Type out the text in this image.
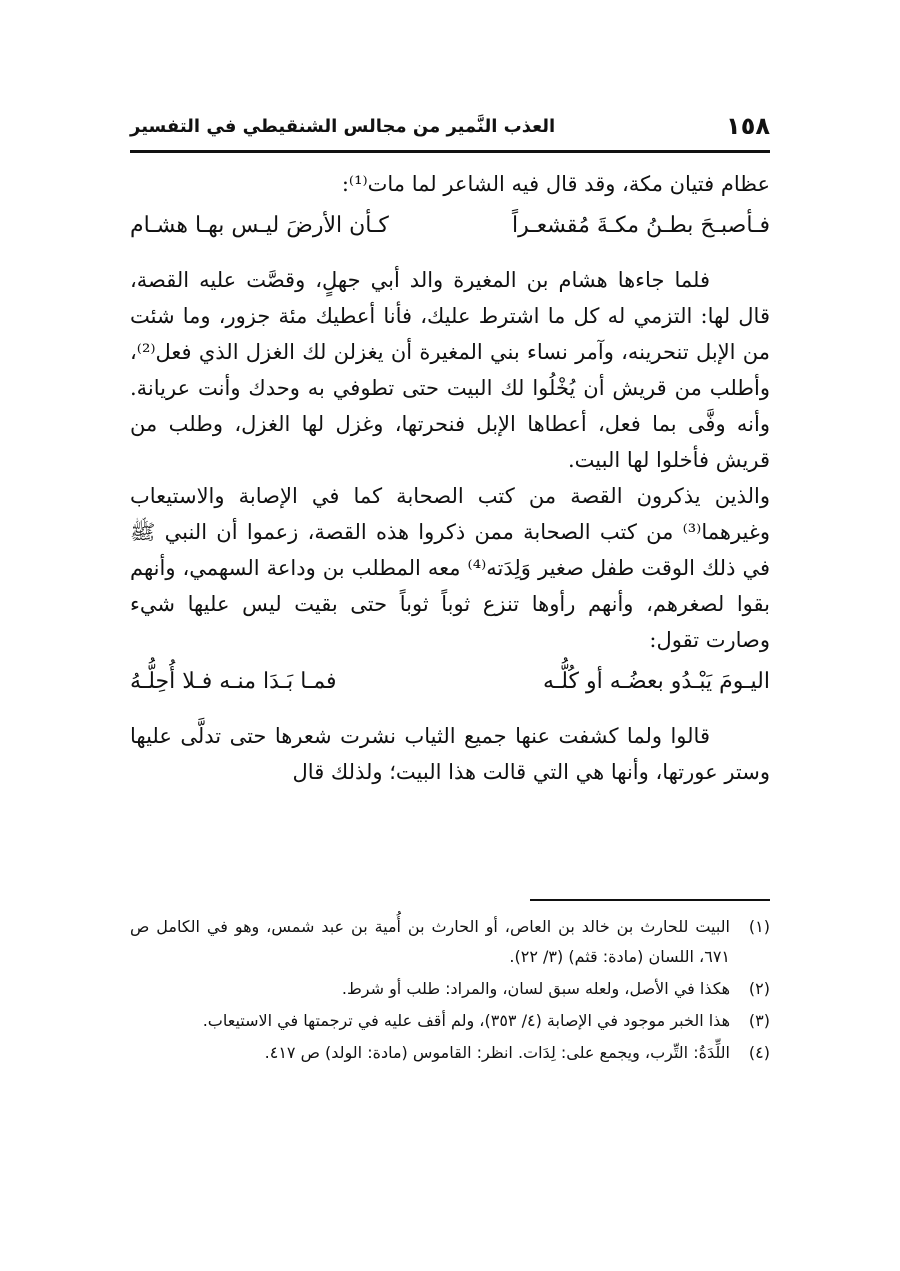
١٥٨
العذب النَّمير من مجالس الشنقيطي في التفسير

عظام فتيان مكة، وقد قال فيه الشاعر لما مات⁽¹⁾:

فـأصبـحَ بطـنُ مكـةَ مُقشعـراً
كـأن الأرضَ ليـس بهـا هشـام

فلما جاءها هشام بن المغيرة والد أبي جهلٍ، وقصَّت عليه القصة، قال لها: التزمي له كل ما اشترط عليك، فأنا أعطيك مئة جزور، وما شئت من الإبل تنحرينه، وآمر نساء بني المغيرة أن يغزلن لك الغزل الذي فعل⁽²⁾، وأطلب من قريش أن يُخْلُوا لك البيت حتى تطوفي به وحدك وأنت عريانة. وأنه وفَّى بما فعل، أعطاها الإبل فنحرتها، وغزل لها الغزل، وطلب من قريش فأخلوا لها البيت.

والذين يذكرون القصة من كتب الصحابة كما في الإصابة والاستيعاب وغيرهما⁽³⁾ من كتب الصحابة ممن ذكروا هذه القصة، زعموا أن النبي ﷺ في ذلك الوقت طفل صغير وَلِدَته⁽⁴⁾ معه المطلب بن وداعة السهمي، وأنهم بقوا لصغرهم، وأنهم رأوها تنزع ثوباً ثوباً حتى بقيت ليس عليها شيء وصارت تقول:

اليـومَ يَبْـدُو بعضُـه أو كُلُّـه
فمـا بَـدَا منـه فـلا أُحِلُّـهُ

قالوا ولما كشفت عنها جميع الثياب نشرت شعرها حتى تدلَّى عليها وستر عورتها، وأنها هي التي قالت هذا البيت؛ ولذلك قال

(١)
البيت للحارث بن خالد بن العاص، أو الحارث بن أُمية بن عبد شمس، وهو في الكامل ص ٦٧١، اللسان (مادة: قثم) (٣/ ٢٢).
(٢)
هكذا في الأصل، ولعله سبق لسان، والمراد: طلب أو شرط.
(٣)
هذا الخبر موجود في الإصابة (٤/ ٣٥٣)، ولم أقف عليه في ترجمتها في الاستيعاب.
(٤)
اللِّدَةُ: التِّرب، ويجمع على: لِدَات. انظر: القاموس (مادة: الولد) ص ٤١٧.
